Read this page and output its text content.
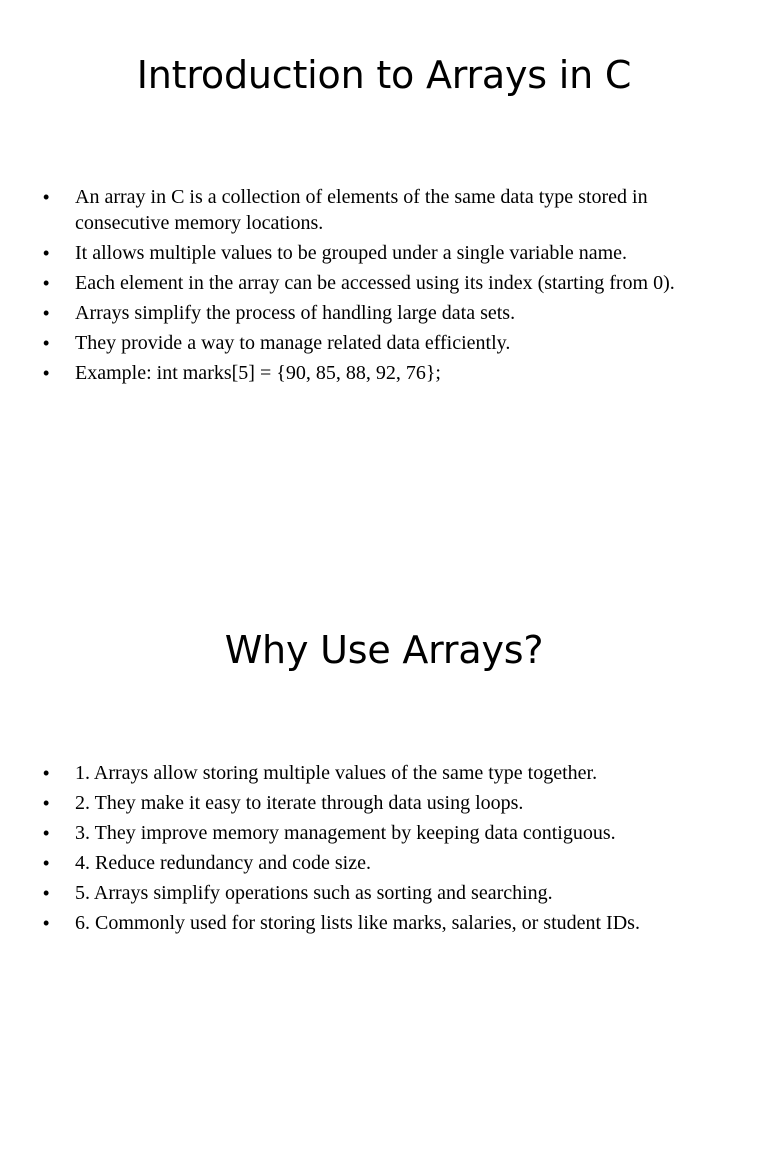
Introduction to Arrays in C
• An array in C is a collection of elements of the same data type stored in consecutive memory locations.
• It allows multiple values to be grouped under a single variable name.
• Each element in the array can be accessed using its index (starting from 0).
• Arrays simplify the process of handling large data sets.
• They provide a way to manage related data efficiently.
• Example: int marks[5] = {90, 85, 88, 92, 76};
Why Use Arrays?
• 1. Arrays allow storing multiple values of the same type together.
• 2. They make it easy to iterate through data using loops.
• 3. They improve memory management by keeping data contiguous.
• 4. Reduce redundancy and code size.
• 5. Arrays simplify operations such as sorting and searching.
• 6. Commonly used for storing lists like marks, salaries, or student IDs.
